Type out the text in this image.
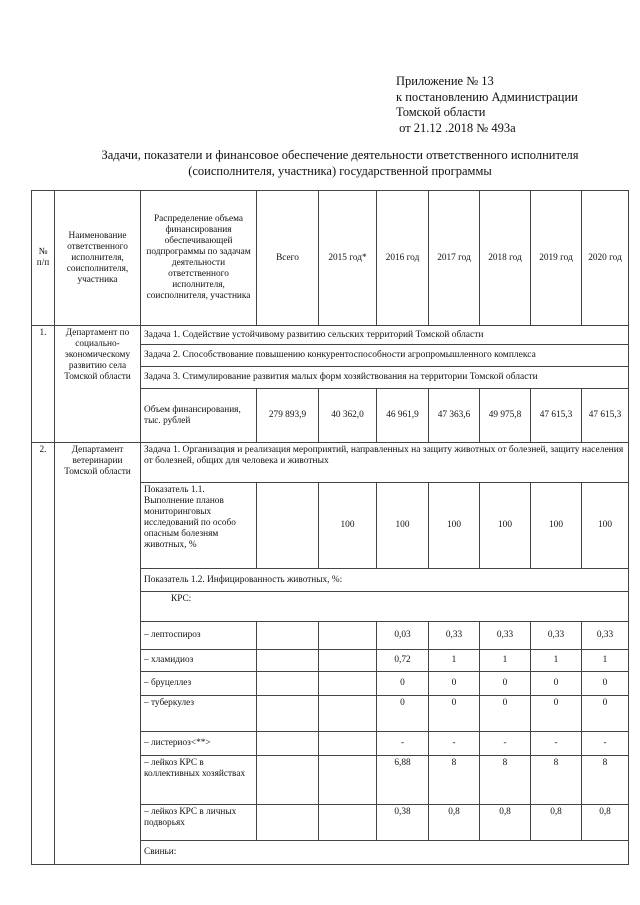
Приложение № 13
к постановлению Администрации
Томской области
от 21.12 .2018 № 493а
Задачи, показатели и финансовое обеспечение деятельности ответственного исполнителя
(соисполнителя, участника) государственной программы
№ п/п	Наименование ответственного исполнителя, соисполнителя, участника	Распределение объема финансирования обеспечивающей подпрограммы по задачам деятельности ответственного исполнителя, соисполнителя, участника	Всего	2015 год*	2016 год	2017 год	2018 год	2019 год	2020 год
1.	Департамент по социально-экономическому развитию села Томской области	Задача 1. Содействие устойчивому развитию сельских территорий Томской области							
		Задача 2. Способствование повышению конкурентоспособности агропромышленного комплекса							
		Задача 3. Стимулирование развития малых форм хозяйствования на территории Томской области							
		Объем финансирования, тыс. рублей	279 893,9	40 362,0	46 961,9	47 363,6	49 975,8	47 615,3	47 615,3
2.	Департамент ветеринарии Томской области	Задача 1. Организация и реализация мероприятий, направленных на защиту животных от болезней, защиту населения от болезней, общих для человека и животных							
		Показатель 1.1. Выполнение планов мониторинговых исследований по особо опасным болезням животных, %		100	100	100	100	100	100
		Показатель 1.2. Инфицированность животных, %:							
		КРС:							
		– лептоспироз			0,03	0,33	0,33	0,33	0,33
		– хламидиоз			0,72	1	1	1	1
		– бруцеллез			0	0	0	0	0
		– туберкулез			0	0	0	0	0
		– листериоз<**>			-	-	-	-	-
		– лейкоз КРС в коллективных хозяйствах			6,88	8	8	8	8
		– лейкоз КРС в личных подворьях			0,38	0,8	0,8	0,8	0,8
		Свиньи:							
